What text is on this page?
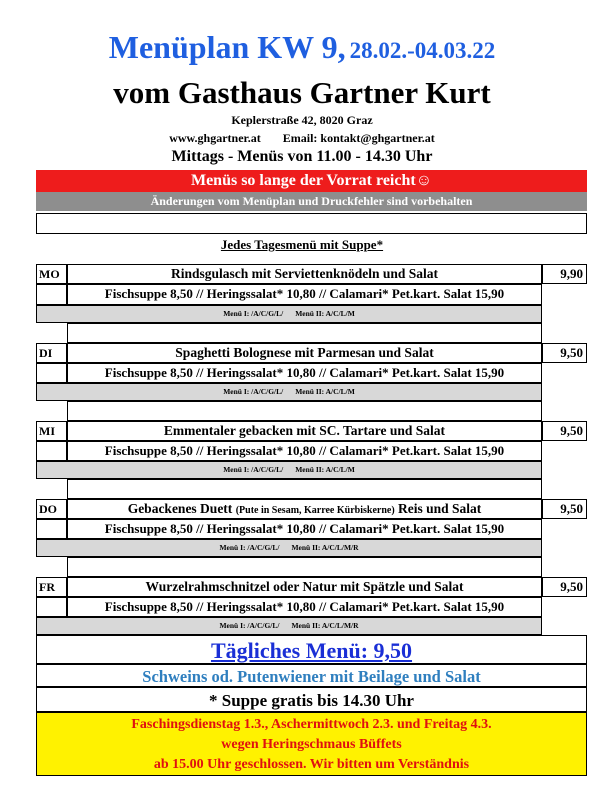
Menüplan KW 9, 28.02.-04.03.22
vom Gasthaus Gartner Kurt
Keplerstraße 42, 8020 Graz
www.ghgartner.at Email: kontakt@ghgartner.at
Mittags - Menüs von 11.00 - 14.30 Uhr
Menüs so lange der Vorrat reicht☺
Änderungen vom Menüplan und Druckfehler sind vorbehalten
Jedes Tagesmenü mit Suppe*
MO	Rindsgulasch mit Serviettenknödeln und Salat	9,90
Fischsuppe 8,50 // Heringssalat* 10,80 // Calamari* Pet.kart. Salat 15,90
Menü I: /A/C/G/L/ Menü II: A/C/L/M
DI	Spaghetti Bolognese mit Parmesan und Salat	9,50
Fischsuppe 8,50 // Heringssalat* 10,80 // Calamari* Pet.kart. Salat 15,90
Menü I: /A/C/G/L/ Menü II: A/C/L/M
MI	Emmentaler gebacken mit SC. Tartare und Salat	9,50
Fischsuppe 8,50 // Heringssalat* 10,80 // Calamari* Pet.kart. Salat 15,90
Menü I: /A/C/G/L/ Menü II: A/C/L/M
DO	Gebackenes Duett (Pute in Sesam, Karree Kürbiskerne) Reis und Salat	9,50
Fischsuppe 8,50 // Heringssalat* 10,80 // Calamari* Pet.kart. Salat 15,90
Menü I: /A/C/G/L/ Menü II: A/C/L/M/R
FR	Wurzelrahmschnitzel oder Natur mit Spätzle und Salat	9,50
Fischsuppe 8,50 // Heringssalat* 10,80 // Calamari* Pet.kart. Salat 15,90
Menü I: /A/C/G/L/ Menü II: A/C/L/M/R
Tägliches Menü: 9,50
Schweins od. Putenwiener mit Beilage und Salat
* Suppe gratis bis 14.30 Uhr
Faschingsdienstag 1.3., Aschermittwoch 2.3. und Freitag 4.3.
wegen Heringschmaus Büffets
ab 15.00 Uhr geschlossen. Wir bitten um Verständnis
